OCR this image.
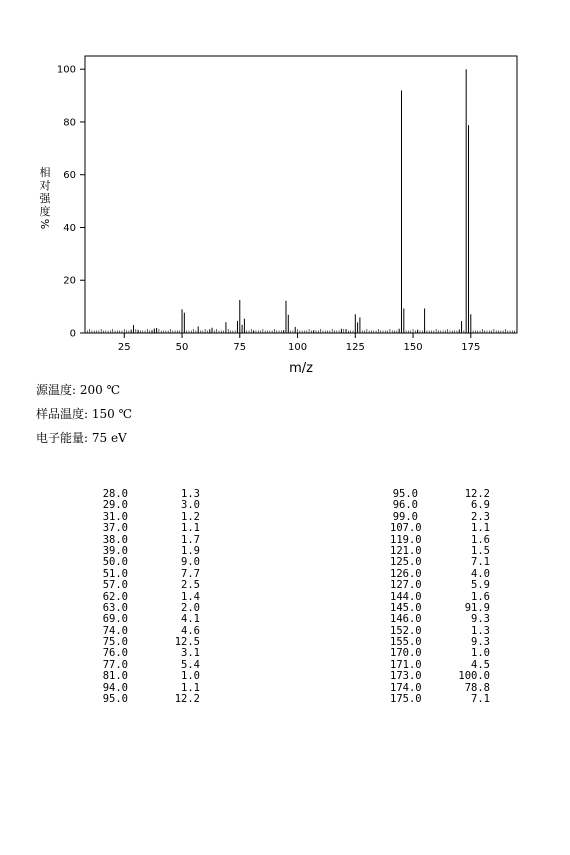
0
20
40
60
80
100
25	50	75	100	125	150	175
m/z
相
对
强
度
%
源温度: 200 ℃
样品温度: 150 ℃
电子能量: 75 eV
28.0	1.3
29.0	3.0
31.0	1.2
37.0	1.1
38.0	1.7
39.0	1.9
50.0	9.0
51.0	7.7
57.0	2.5
62.0	1.4
63.0	2.0
69.0	4.1
74.0	4.6
75.0	12.5
76.0	3.1
77.0	5.4
81.0	1.0
94.0	1.1
95.0	12.2
95.0	12.2
96.0	6.9
99.0	2.3
107.0	1.1
119.0	1.6
121.0	1.5
125.0	7.1
126.0	4.0
127.0	5.9
144.0	1.6
145.0	91.9
146.0	9.3
152.0	1.3
155.0	9.3
170.0	1.0
171.0	4.5
173.0	100.0
174.0	78.8
175.0	7.1
